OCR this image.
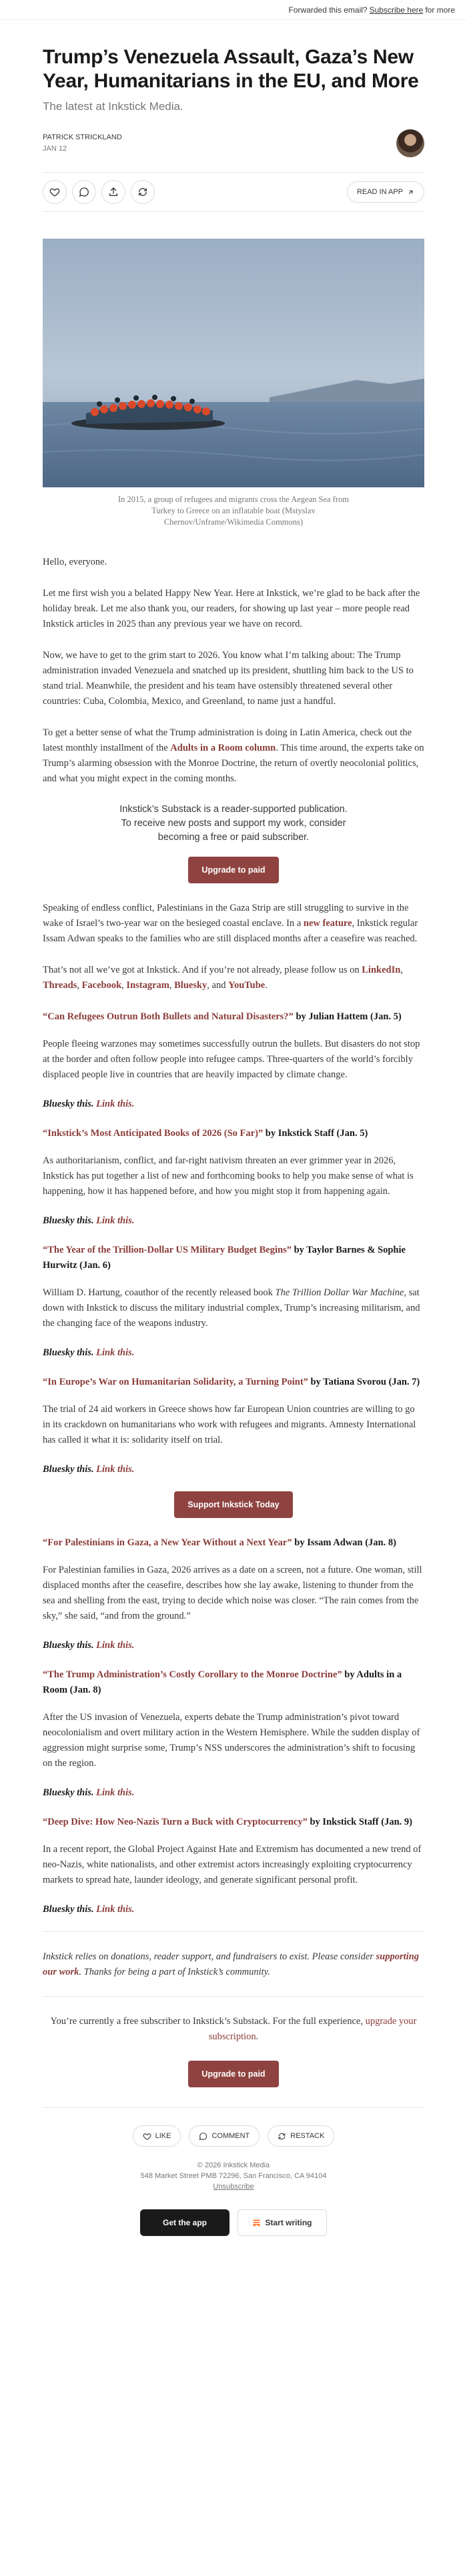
Forwarded this email? Subscribe here for more
Trump’s Venezuela Assault, Gaza’s New Year, Humanitarians in the EU, and More
The latest at Inkstick Media.
PATRICK STRICKLAND
JAN 12
READ IN APP
In 2015, a group of refugees and migrants cross the Aegean Sea from Turkey to Greece on an inflatable boat (Mstyslav Chernov/Unframe/Wikimedia Commons)

Hello, everyone.

Let me first wish you a belated Happy New Year. Here at Inkstick, we’re glad to be back after the holiday break. Let me also thank you, our readers, for showing up last year – more people read Inkstick articles in 2025 than any previous year we have on record.

Now, we have to get to the grim start to 2026. You know what I’m talking about: The Trump administration invaded Venezuela and snatched up its president, shuttling him back to the US to stand trial. Meanwhile, the president and his team have ostensibly threatened several other countries: Cuba, Colombia, Mexico, and Greenland, to name just a handful.

To get a better sense of what the Trump administration is doing in Latin America, check out the latest monthly installment of the Adults in a Room column. This time around, the experts take on Trump’s alarming obsession with the Monroe Doctrine, the return of overtly neocolonial politics, and what you might expect in the coming months.

Inkstick’s Substack is a reader-supported publication.
To receive new posts and support my work, consider becoming a free or paid subscriber.
Upgrade to paid

Speaking of endless conflict, Palestinians in the Gaza Strip are still struggling to survive in the wake of Israel’s two-year war on the besieged coastal enclave. In a new feature, Inkstick regular Issam Adwan speaks to the families who are still displaced months after a ceasefire was reached.

That’s not all we’ve got at Inkstick. And if you’re not already, please follow us on LinkedIn, Threads, Facebook, Instagram, Bluesky, and YouTube.

“Can Refugees Outrun Both Bullets and Natural Disasters?” by Julian Hattem (Jan. 5)

People fleeing warzones may sometimes successfully outrun the bullets. But disasters do not stop at the border and often follow people into refugee camps. Three-quarters of the world’s forcibly displaced people live in countries that are heavily impacted by climate change.

Bluesky this. Link this.
“Inkstick’s Most Anticipated Books of 2026 (So Far)” by Inkstick Staff (Jan. 5)

As authoritarianism, conflict, and far-right nativism threaten an ever grimmer year in 2026, Inkstick has put together a list of new and forthcoming books to help you make sense of what is happening, how it has happened before, and how you might stop it from happening again.

Bluesky this. Link this.
“The Year of the Trillion-Dollar US Military Budget Begins” by Taylor Barnes & Sophie Hurwitz (Jan. 6)

William D. Hartung, coauthor of the recently released book The Trillion Dollar War Machine, sat down with Inkstick to discuss the military industrial complex, Trump’s increasing militarism, and the changing face of the weapons industry.

Bluesky this. Link this.
“In Europe’s War on Humanitarian Solidarity, a Turning Point” by Tatiana Svorou (Jan. 7)

The trial of 24 aid workers in Greece shows how far European Union countries are willing to go in its crackdown on humanitarians who work with refugees and migrants. Amnesty International has called it what it is: solidarity itself on trial.

Bluesky this. Link this.
Support Inkstick Today
“For Palestinians in Gaza, a New Year Without a Next Year” by Issam Adwan (Jan. 8)

For Palestinian families in Gaza, 2026 arrives as a date on a screen, not a future. One woman, still displaced months after the ceasefire, describes how she lay awake, listening to thunder from the sea and shelling from the east, trying to decide which noise was closer. “The rain comes from the sky,” she said, “and from the ground.”

Bluesky this. Link this.
“The Trump Administration’s Costly Corollary to the Monroe Doctrine” by Adults in a Room (Jan. 8)

After the US invasion of Venezuela, experts debate the Trump administration’s pivot toward neocolonialism and overt military action in the Western Hemisphere. While the sudden display of aggression might surprise some, Trump’s NSS underscores the administration’s shift to focusing on the region.

Bluesky this. Link this.
“Deep Dive: How Neo-Nazis Turn a Buck with Cryptocurrency” by Inkstick Staff (Jan. 9)

In a recent report, the Global Project Against Hate and Extremism has documented a new trend of neo-Nazis, white nationalists, and other extremist actors increasingly exploiting cryptocurrency markets to spread hate, launder ideology, and generate significant personal profit.

Bluesky this. Link this.

Inkstick relies on donations, reader support, and fundraisers to exist. Please consider supporting our work. Thanks for being a part of Inkstick’s community.

You’re currently a free subscriber to Inkstick’s Substack. For the full experience, upgrade your subscription.

Upgrade to paid
LIKE	COMMENT	RESTACK
© 2026 Inkstick Media
548 Market Street PMB 72296, San Francisco, CA 94104
Unsubscribe
Get the app	Start writing
